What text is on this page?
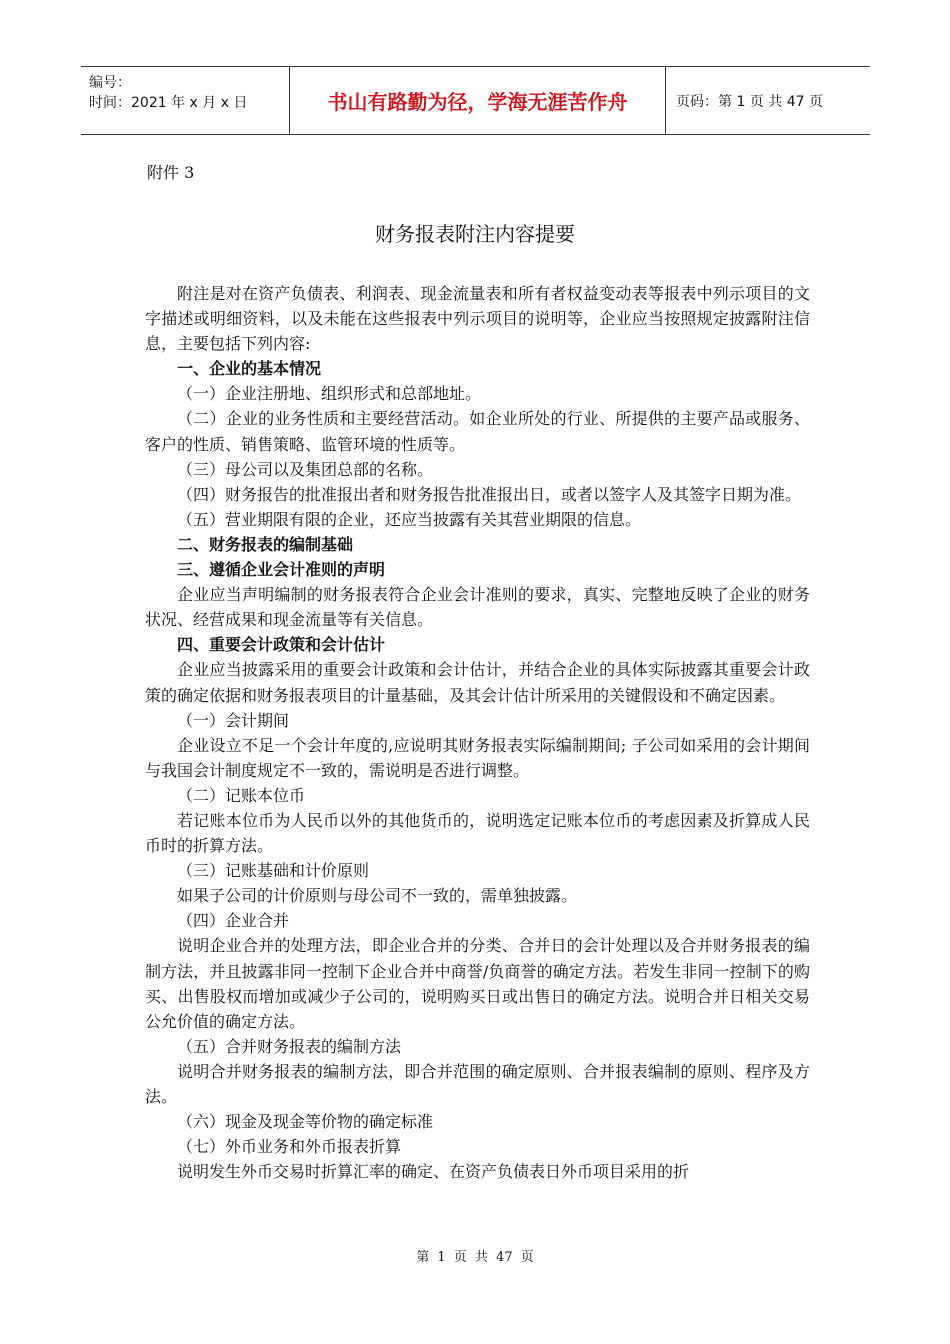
编号：
时间：2021 年 x 月 x 日	书山有路勤为径，学海无涯苦作舟	页码：第 1 页 共 47 页
附件 3
财务报表附注内容提要

附注是对在资产负债表、利润表、现金流量表和所有者权益变动表等报表中列示项目的文字描述或明细资料，以及未能在这些报表中列示项目的说明等，企业应当按照规定披露附注信息，主要包括下列内容:

一、企业的基本情况

（一）企业注册地、组织形式和总部地址。

（二）企业的业务性质和主要经营活动。如企业所处的行业、所提供的主要产品或服务、客户的性质、销售策略、监管环境的性质等。

（三）母公司以及集团总部的名称。

（四）财务报告的批准报出者和财务报告批准报出日，或者以签字人及其签字日期为准。

（五）营业期限有限的企业，还应当披露有关其营业期限的信息。

二、财务报表的编制基础

三、遵循企业会计准则的声明

企业应当声明编制的财务报表符合企业会计准则的要求，真实、完整地反映了企业的财务状况、经营成果和现金流量等有关信息。

四、重要会计政策和会计估计

企业应当披露采用的重要会计政策和会计估计，并结合企业的具体实际披露其重要会计政策的确定依据和财务报表项目的计量基础，及其会计估计所采用的关键假设和不确定因素。

（一）会计期间

企业设立不足一个会计年度的,应说明其财务报表实际编制期间; 子公司如采用的会计期间与我国会计制度规定不一致的，需说明是否进行调整。

（二）记账本位币

若记账本位币为人民币以外的其他货币的，说明选定记账本位币的考虑因素及折算成人民币时的折算方法。

（三）记账基础和计价原则

如果子公司的计价原则与母公司不一致的，需单独披露。

（四）企业合并

说明企业合并的处理方法，即企业合并的分类、合并日的会计处理以及合并财务报表的编制方法，并且披露非同一控制下企业合并中商誉/负商誉的确定方法。若发生非同一控制下的购买、出售股权而增加或减少子公司的，说明购买日或出售日的确定方法。说明合并日相关交易公允价值的确定方法。

（五）合并财务报表的编制方法

说明合并财务报表的编制方法，即合并范围的确定原则、合并报表编制的原则、程序及方法。

（六）现金及现金等价物的确定标准

（七）外币业务和外币报表折算

说明发生外币交易时折算汇率的确定、在资产负债表日外币项目采用的折

第 1 页 共 47 页
